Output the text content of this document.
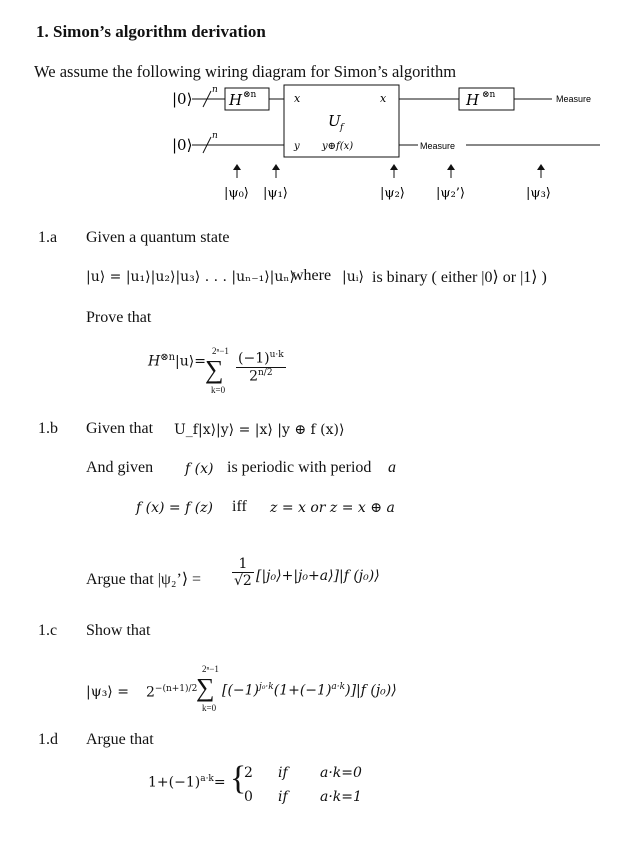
1. Simon’s algorithm derivation
We assume the following wiring diagram for Simon’s algorithm
|0⟩
|0⟩
n
n
H ⊗n	H ⊗n
U f
x	x
y y⊕f(x)
Measure
Measure
|ψ₀⟩ |ψ₁⟩	|ψ₂⟩ |ψ₂’⟩	|ψ₃⟩
1.a Given a quantum state
|u⟩ = |u₁⟩|u₂⟩|u₃⟩ . . . |uₙ₋₁⟩|uₙ⟩
where |uᵢ⟩ is binary ( either |0⟩ or |1⟩ )
Prove that
$H^{\otimes n}|u⟩=$
2ⁿ−1
∑
k=0
$\frac{(-1)^{u\cdot k}}{2^{n/2}}$
1.b Given that U_f|x⟩|y⟩ = |x⟩ |y ⊕ f (x)⟩
And given f (x) is periodic with period a
f (x) = f (z) iff z = x or z = x ⊕ a
Argue that |ψ₂’⟩ = $\frac{1}{√2}$ [|j₀⟩+|j₀+a⟩]|f (j₀)⟩
1.c Show that
|ψ₃⟩ = $2^{-(n+1)/2}$
2ⁿ−1
∑
k=0
$[(-1)^{j_0\cdot k}(1+(-1)^{a\cdot k})]|f$ (j₀)⟩
1.d Argue that
$1+(-1)^{a\cdot k}=$ {
2
0
if
if
a·k=0
a·k=1
